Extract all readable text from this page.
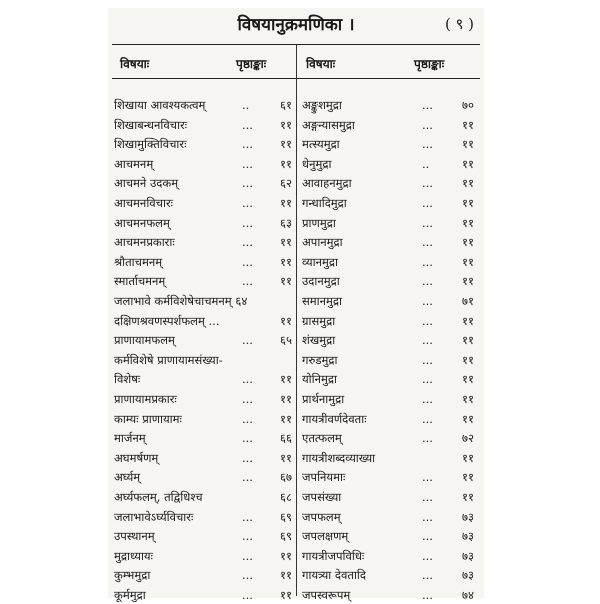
विषयानुक्रमणिका ।	( ९ )
विषयाः	पृष्ठाङ्काः	विषयाः	पृष्ठाङ्काः
शिखाया आवश्यकत्वम्	..	६१
शिखाबन्धनविचारः	...	११
शिखामुक्तिविचारः	...	११
आचमनम्	...	११
आचमने उदकम्	...	६२
आचमनविचारः	...	११
आचमनफलम्	...	६३
आचमनप्रकाराः	...	११
श्रौताचमनम्	...	११
स्मार्ताचमनम्	...	११
जलाभावे कर्मविशेषेचाचमनम् ६४
दक्षिणश्रवणस्पर्शफलम् ...	११
प्राणायामफलम्	...	६५
कर्मविशेषे प्राणायामसंख्या-
विशेषः	...	११
प्राणायामप्रकारः	...	११
काम्यः प्राणायामः	...	११
मार्जनम्	...	६६
अघमर्षणम्	...	११
अर्घ्यम्	...	६७
अर्घ्यफलम्, तद्विधिश्च	६८
जलाभावेऽर्घ्यविचारः	...	६९
उपस्थानम्	...	६९
मुद्राध्यायः	...	११
कुम्भमुद्रा	...	११
कूर्ममुद्रा	...	११
अङ्कुशमुद्रा	...	७०
अङ्गन्यासमुद्रा	...	११
मत्स्यमुद्रा	...	११
धेनुमुद्रा	..	११
आवाहनमुद्रा	...	११
गन्धादिमुद्रा	...	११
प्राणमुद्रा	...	११
अपानमुद्रा	...	११
व्यानमुद्रा	...	११
उदानमुद्रा	...	११
समानमुद्रा	...	७१
ग्रासमुद्रा	...	११
शंखमुद्रा	...	११
गरुडमुद्रा	...	११
योनिमुद्रा	...	११
प्रार्थनामुद्रा	...	११
गायत्रीवर्णदेवताः	...	११
एतत्फलम्	...	७२
गायत्रीशब्दव्याख्या	११
जपनियमाः	...	११
जपसंख्या	...	११
जपफलम्	...	७३
जपलक्षणम्	...	७३
गायत्रीजपविधिः	...	७३
गायत्र्या देवतादि	...	७३
जपस्वरूपम्	...	७४
